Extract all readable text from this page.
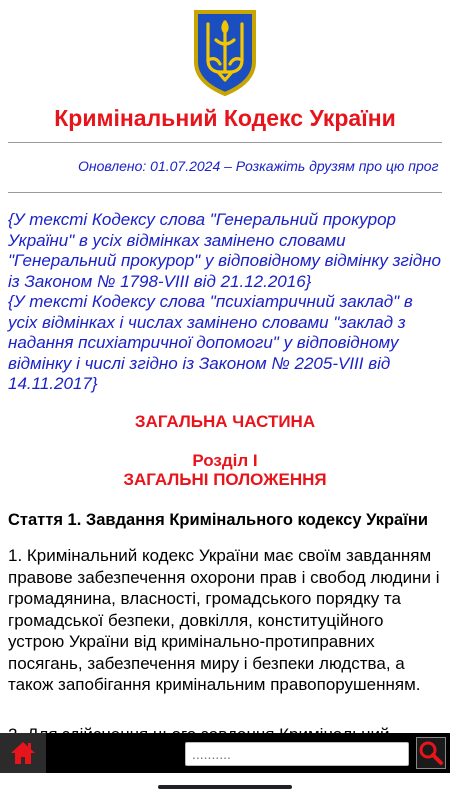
Кримінальний Кодекс України
Оновлено: 01.07.2024 – Розкажіть друзям про цю прог

{У тексті Кодексу слова "Генеральний прокурор України" в усіх відмінках замінено словами "Генеральний прокурор" у відповідному відмінку згідно із Законом № 1798-VIII від 21.12.2016}

{У тексті Кодексу слова "психіатричний заклад" в усіх відмінках і числах замінено словами "заклад з надання психіатричної допомоги" у відповідному відмінку і числі згідно із Законом № 2205-VIII від 14.11.2017}

ЗАГАЛЬНА ЧАСТИНА
Розділ I
ЗАГАЛЬНІ ПОЛОЖЕННЯ
Стаття 1. Завдання Кримінального кодексу України
1. Кримінальний кодекс України має своїм завданням правове забезпечення охорони прав і свобод людини і громадянина, власності, громадського порядку та громадської безпеки, довкілля, конституційного устрою України від кримінально-протиправних посягань, забезпечення миру і безпеки людства, а також запобігання кримінальним правопорушенням.
..........
